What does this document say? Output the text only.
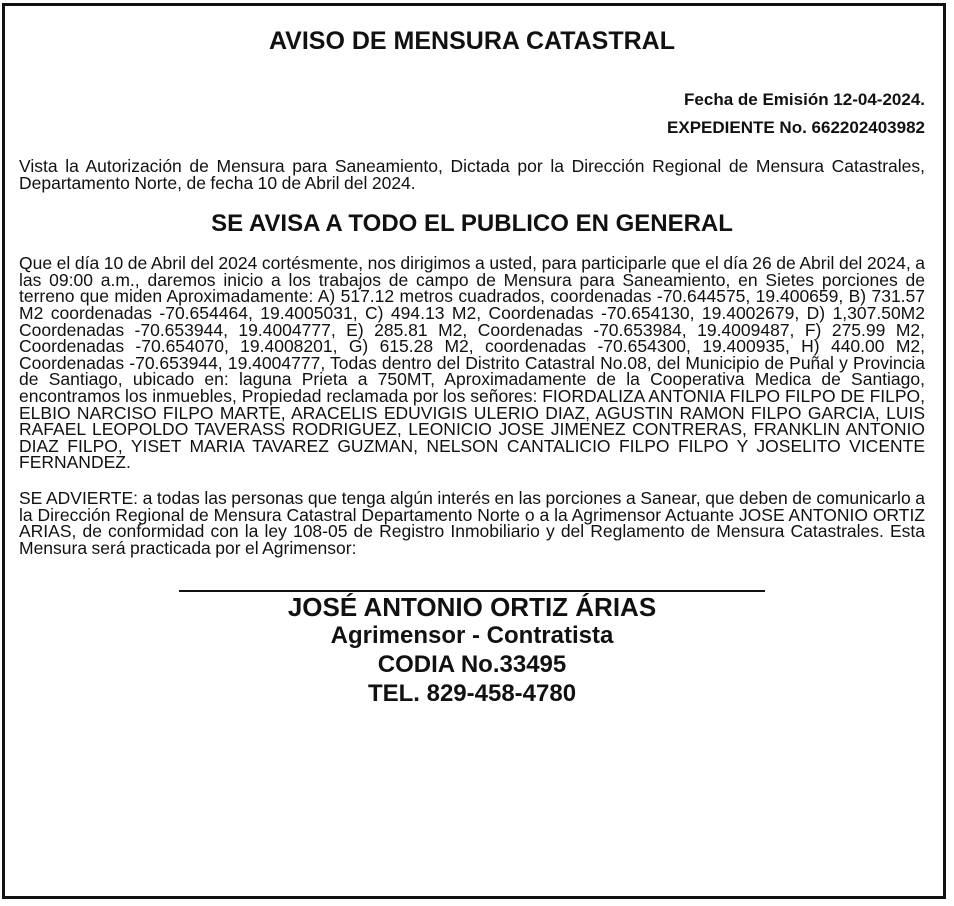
AVISO DE MENSURA CATASTRAL
Fecha de Emisión 12-04-2024.
EXPEDIENTE No. 662202403982

Vista la Autorización de Mensura para Saneamiento, Dictada por la Dirección Regional de Mensura Catastrales, Departamento Norte, de fecha 10 de Abril del 2024.

SE AVISA A TODO EL PUBLICO EN GENERAL

Que el día 10 de Abril del 2024 cortésmente, nos dirigimos a usted, para participarle que el día 26 de Abril del 2024, a las 09:00 a.m., daremos inicio a los trabajos de campo de Mensura para Saneamiento, en Sietes porciones de terreno que miden Aproximadamente: A) 517.12 metros cuadrados, coordenadas -70.644575, 19.400659, B) 731.57 M2 coordenadas -70.654464, 19.4005031, C) 494.13 M2, Coordenadas -70.654130, 19.4002679, D) 1,307.50M2 Coordenadas -70.653944, 19.4004777, E) 285.81 M2, Coordenadas -70.653984, 19.4009487, F) 275.99 M2, Coordenadas -70.654070, 19.4008201, G) 615.28 M2, coordenadas -70.654300, 19.400935, H) 440.00 M2, Coordenadas -70.653944, 19.4004777, Todas dentro del Distrito Catastral No.08, del Municipio de Puñal y Provincia de Santiago, ubicado en: laguna Prieta a 750MT, Aproximadamente de la Cooperativa Medica de Santiago, encontramos los inmuebles, Propiedad reclamada por los señores: FIORDALIZA ANTONIA FILPO FILPO DE FILPO, ELBIO NARCISO FILPO MARTE, ARACELIS EDUVIGIS ULERIO DIAZ, AGUSTIN RAMON FILPO GARCIA, LUIS RAFAEL LEOPOLDO TAVERASS RODRIGUEZ, LEONICIO JOSE JIMENEZ CONTRERAS, FRANKLIN ANTONIO DIAZ FILPO, YISET MARIA TAVAREZ GUZMAN, NELSON CANTALICIO FILPO FILPO Y JOSELITO VICENTE FERNANDEZ.

SE ADVIERTE: a todas las personas que tenga algún interés en las porciones a Sanear, que deben de comunicarlo a la Dirección Regional de Mensura Catastral Departamento Norte o a la Agrimensor Actuante JOSE ANTONIO ORTIZ ARIAS, de conformidad con la ley 108-05 de Registro Inmobiliario y del Reglamento de Mensura Catastrales. Esta Mensura será practicada por el Agrimensor:

JOSÉ ANTONIO ORTIZ ÁRIAS
Agrimensor - Contratista
CODIA No.33495
TEL. 829-458-4780
